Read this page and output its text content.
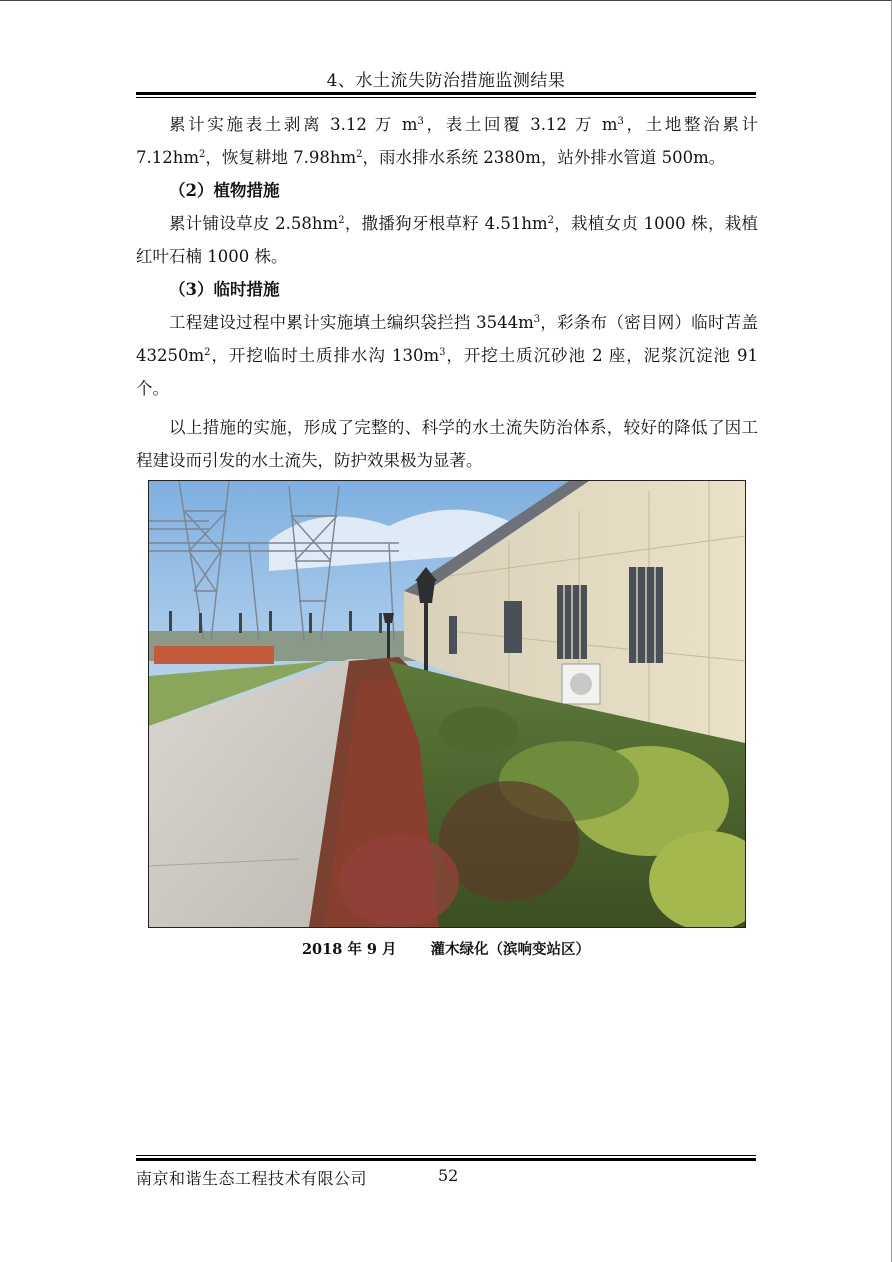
4、水土流失防治措施监测结果

累计实施表土剥离 3.12 万 $m^3$，表土回覆 3.12 万 $m^3$，土地整治累计 $7.12hm^2$，恢复耕地 $7.98hm^2$，雨水排水系统 2380m，站外排水管道 500m。

（2）植物措施

累计铺设草皮 $2.58hm^2$，撒播狗牙根草籽 $4.51hm^2$，栽植女贞 1000 株，栽植红叶石楠 1000 株。

（3）临时措施

工程建设过程中累计实施填土编织袋拦挡 $3544m^3$，彩条布（密目网）临时苫盖 $43250m^2$，开挖临时土质排水沟 $130m^3$，开挖土质沉砂池 2 座，泥浆沉淀池 91 个。

以上措施的实施，形成了完整的、科学的水土流失防治体系，较好的降低了因工程建设而引发的水土流失，防护效果极为显著。

2018 年 9 月 灌木绿化（滨响变站区）
南京和谐生态工程技术有限公司	52
